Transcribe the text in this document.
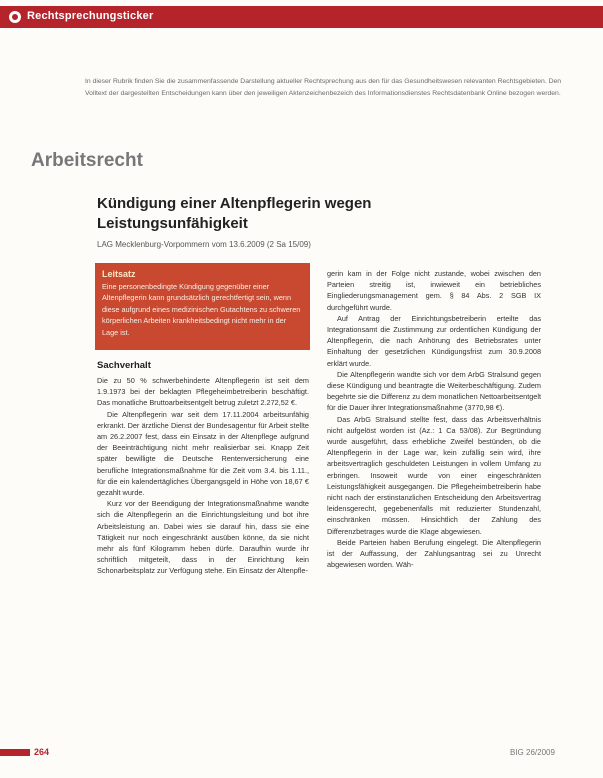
Rechtsprechungsticker
In dieser Rubrik finden Sie die zusammenfassende Darstellung aktueller Rechtsprechung aus den für das Gesundheitswesen relevanten Rechtsgebieten. Den Volltext der dargestellten Entscheidungen kann über den jeweiligen Aktenzeichenbezeich des Informationsdienstes Rechtsdatenbank Online bezogen werden.
Arbeitsrecht
Kündigung einer Altenpflegerin wegen Leistungsunfähigkeit
LAG Mecklenburg-Vorpommern vom 13.6.2009 (2 Sa 15/09)
Leitsatz
Eine personenbedingte Kündigung gegenüber einer Altenpflegerin kann grundsätzlich gerechtfertigt sein, wenn diese aufgrund eines medizinischen Gutachtens zu schweren körperlichen Arbeiten krankheitsbedingt nicht mehr in der Lage ist.
Sachverhalt

Die zu 50 % schwerbehinderte Altenpflegerin ist seit dem 1.9.1973 bei der beklagten Pflegeheimbetreiberin beschäftigt. Das monatliche Bruttoarbeitsentgelt betrug zuletzt 2.272,52 €.

Die Altenpflegerin war seit dem 17.11.2004 arbeitsunfähig erkrankt. Der ärztliche Dienst der Bundesagentur für Arbeit stellte am 26.2.2007 fest, dass ein Einsatz in der Altenpflege aufgrund der Beeinträchtigung nicht mehr realisierbar sei. Knapp Zeit später bewilligte die Deutsche Rentenversicherung eine berufliche Integrationsmaßnahme für die Zeit vom 3.4. bis 1.11., für die ein kalendertägliches Übergangsgeld in Höhe von 18,67 € gezahlt wurde.

Kurz vor der Beendigung der Integrationsmaßnahme wandte sich die Altenpflegerin an die Einrichtungsleitung und bot ihre Arbeitsleistung an. Dabei wies sie darauf hin, dass sie eine Tätigkeit nur noch eingeschränkt ausüben könne, da sie nicht mehr als fünf Kilogramm heben dürfe. Daraufhin wurde ihr schriftlich mitgeteilt, dass in der Einrichtung kein Schonarbeitsplatz zur Verfügung stehe. Ein Einsatz der Altenpfle-

gerin kam in der Folge nicht zustande, wobei zwischen den Parteien streitig ist, inwieweit ein betriebliches Eingliederungsmanagement gem. § 84 Abs. 2 SGB IX durchgeführt wurde.

Auf Antrag der Einrichtungsbetreiberin erteilte das Integrationsamt die Zustimmung zur ordentlichen Kündigung der Altenpflegerin, die nach Anhörung des Betriebsrates unter Einhaltung der gesetzlichen Kündigungsfrist zum 30.9.2008 erklärt wurde.

Die Altenpflegerin wandte sich vor dem ArbG Stralsund gegen diese Kündigung und beantragte die Weiterbeschäftigung. Zudem begehrte sie die Differenz zu dem monatlichen Nettoarbeitsentgelt für die Dauer ihrer Integrationsmaßnahme (3770,98 €).

Das ArbG Stralsund stellte fest, dass das Arbeitsverhältnis nicht aufgelöst worden ist (Az.: 1 Ca 53/08). Zur Begründung wurde ausgeführt, dass erhebliche Zweifel bestünden, ob die Altenpflegerin in der Lage war, kein zufällig sein wird, ihre arbeitsvertraglich geschuldeten Leistungen in vollem Umfang zu erbringen. Insoweit wurde von einer eingeschränkten Leistungsfähigkeit ausgegangen. Die Pflegeheimbetreiberin habe nicht nach der erstinstanzlichen Entscheidung den Arbeitsvertrag leidensgerecht, gegebenenfalls mit reduzierter Stundenzahl, einschränken müssen. Hinsichtlich der Zahlung des Differenzbetrages wurde die Klage abgewiesen.

Beide Parteien haben Berufung eingelegt. Die Altenpflegerin ist der Auffassung, der Zahlungsantrag sei zu Unrecht abgewiesen worden. Wäh-

264	BIG 26/2009
